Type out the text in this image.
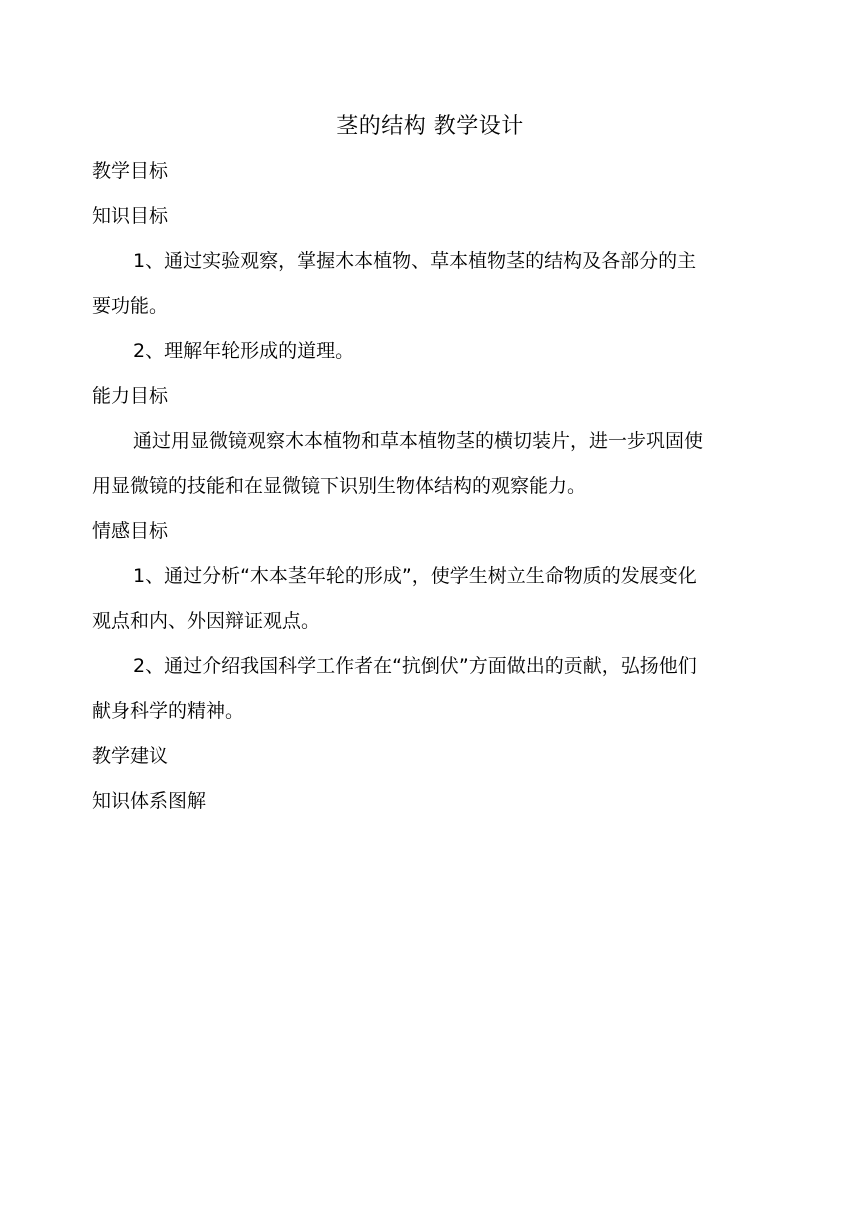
茎的结构 教学设计
教学目标
知识目标
1、通过实验观察，掌握木本植物、草本植物茎的结构及各部分的主
要功能。
2、理解年轮形成的道理。
能力目标
通过用显微镜观察木本植物和草本植物茎的横切装片，进一步巩固使
用显微镜的技能和在显微镜下识别生物体结构的观察能力。
情感目标
1、通过分析“木本茎年轮的形成”，使学生树立生命物质的发展变化
观点和内、外因辩证观点。
2、通过介绍我国科学工作者在“抗倒伏”方面做出的贡献，弘扬他们
献身科学的精神。
教学建议
知识体系图解
